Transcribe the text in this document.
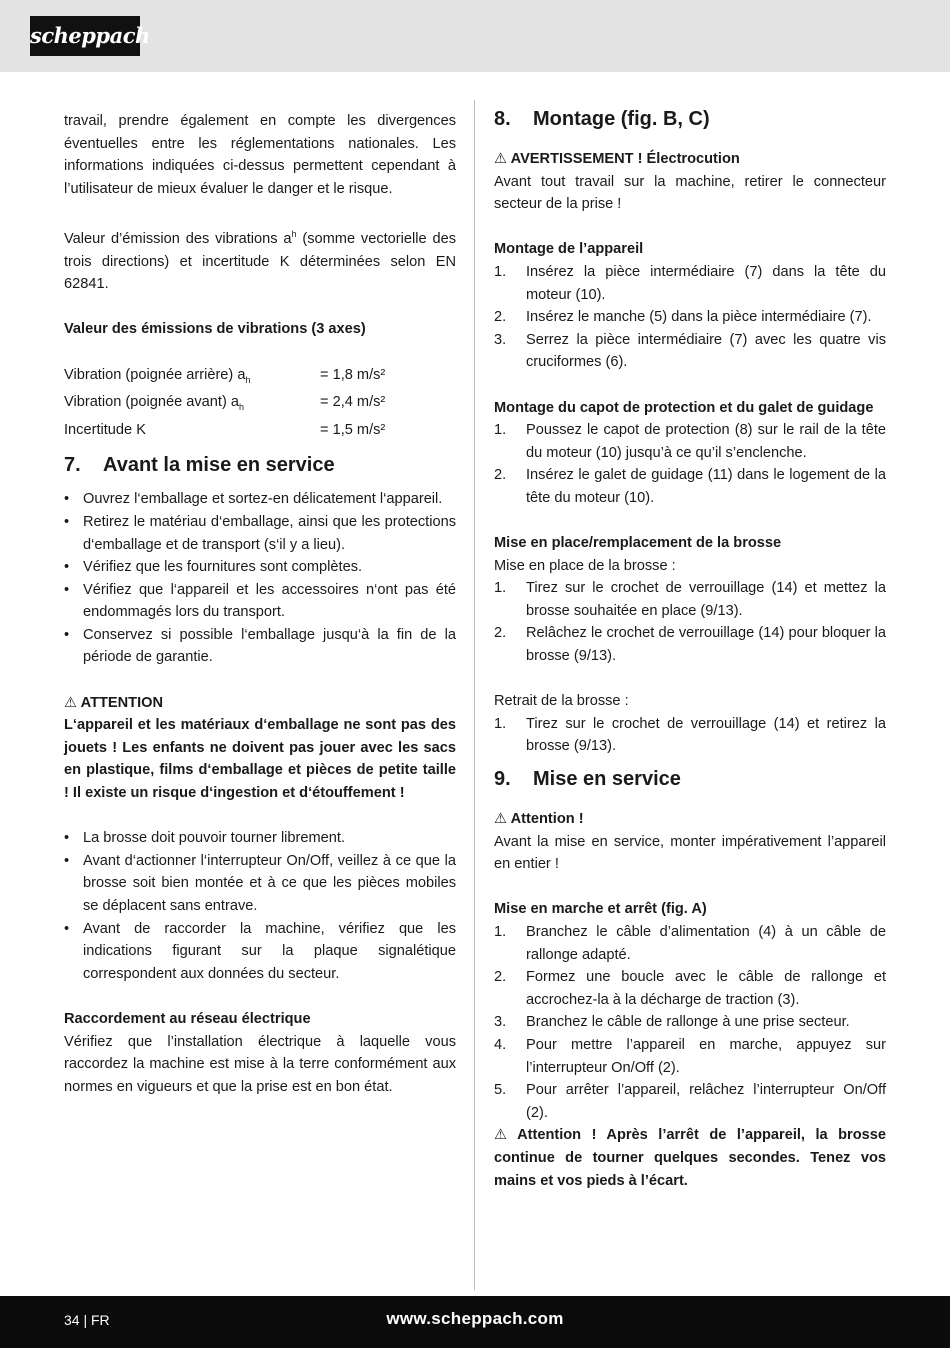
scheppach

travail, prendre également en compte les divergences éventuelles entre les réglementations nationales. Les informations indiquées ci-dessus permettent cependant à l’utilisateur de mieux évaluer le danger et le risque.

Valeur d’émission des vibrations $a^h$ (somme vectorielle des trois directions) et incertitude K déterminées selon EN 62841.

Valeur des émissions de vibrations (3 axes)

Vibration (poignée arrière) $a_h$	= 1,8 m/s²
Vibration (poignée avant) $a_h$	= 2,4 m/s²
Incertitude K	= 1,5 m/s²
7.	Avant la mise en service
• Ouvrez l‘emballage et sortez-en délicatement l‘appareil.
• Retirez le matériau d‘emballage, ainsi que les protections d‘emballage et de transport (s‘il y a lieu).
• Vérifiez que les fournitures sont complètes.
• Vérifiez que l‘appareil et les accessoires n‘ont pas été endommagés lors du transport.
• Conservez si possible l‘emballage jusqu‘à la fin de la période de garantie.

⚠ ATTENTION

L‘appareil et les matériaux d‘emballage ne sont pas des jouets ! Les enfants ne doivent pas jouer avec les sacs en plastique, films d‘emballage et pièces de petite taille ! Il existe un risque d‘ingestion et d‘étouffement !

• La brosse doit pouvoir tourner librement.
• Avant d‘actionner l‘interrupteur On/Off, veillez à ce que la brosse soit bien montée et à ce que les pièces mobiles se déplacent sans entrave.
• Avant de raccorder la machine, vérifiez que les indications figurant sur la plaque signalétique correspondent aux données du secteur.

Raccordement au réseau électrique

Vérifiez que l’installation électrique à laquelle vous raccordez la machine est mise à la terre conformément aux normes en vigueurs et que la prise est en bon état.

8.	Montage (fig. B, C)

⚠ AVERTISSEMENT ! Électrocution

Avant tout travail sur la machine, retirer le connecteur secteur de la prise !

Montage de l’appareil

1.	Insérez la pièce intermédiaire (7) dans la tête du moteur (10).
2.	Insérez le manche (5) dans la pièce intermédiaire (7).
3.	Serrez la pièce intermédiaire (7) avec les quatre vis cruciformes (6).

Montage du capot de protection et du galet de guidage

1.	Poussez le capot de protection (8) sur le rail de la tête du moteur (10) jusqu’à ce qu’il s’enclenche.
2.	Insérez le galet de guidage (11) dans le logement de la tête du moteur (10).

Mise en place/remplacement de la brosse

Mise en place de la brosse :

1.	Tirez sur le crochet de verrouillage (14) et mettez la brosse souhaitée en place (9/13).
2.	Relâchez le crochet de verrouillage (14) pour bloquer la brosse (9/13).

Retrait de la brosse :

1.	Tirez sur le crochet de verrouillage (14) et retirez la brosse (9/13).
9.	Mise en service

⚠ Attention !

Avant la mise en service, monter impérativement l’appareil en entier !

Mise en marche et arrêt (fig. A)

1.	Branchez le câble d’alimentation (4) à un câble de rallonge adapté.
2.	Formez une boucle avec le câble de rallonge et accrochez-la à la décharge de traction (3).
3.	Branchez le câble de rallonge à une prise secteur.
4.	Pour mettre l’appareil en marche, appuyez sur l’interrupteur On/Off (2).
5.	Pour arrêter l’appareil, relâchez l’interrupteur On/Off (2).

⚠ Attention ! Après l’arrêt de l’appareil, la brosse continue de tourner quelques secondes. Tenez vos mains et vos pieds à l’écart.

34 | FR	www.scheppach.com
